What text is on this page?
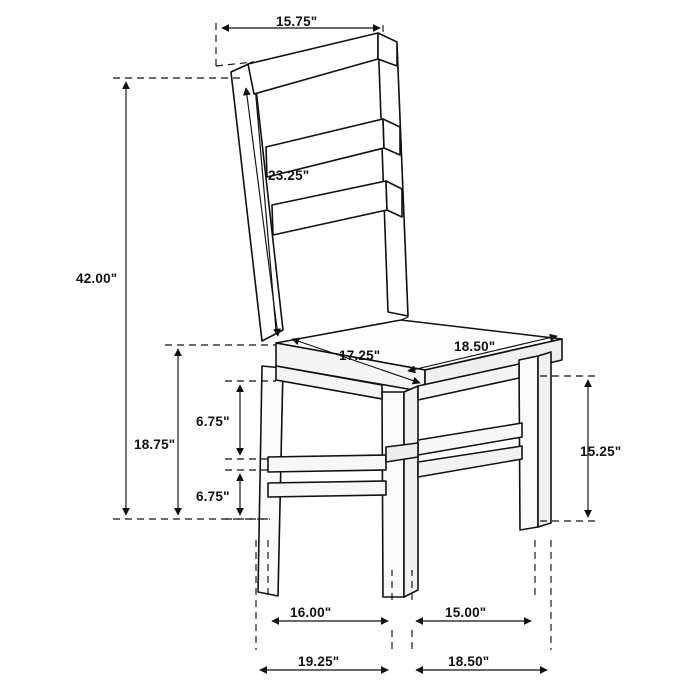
15.75"
23.25"
42.00"
17.25"
18.50"
18.75"
6.75"
6.75"
15.25"
16.00"	15.00"
19.25"	18.50"
